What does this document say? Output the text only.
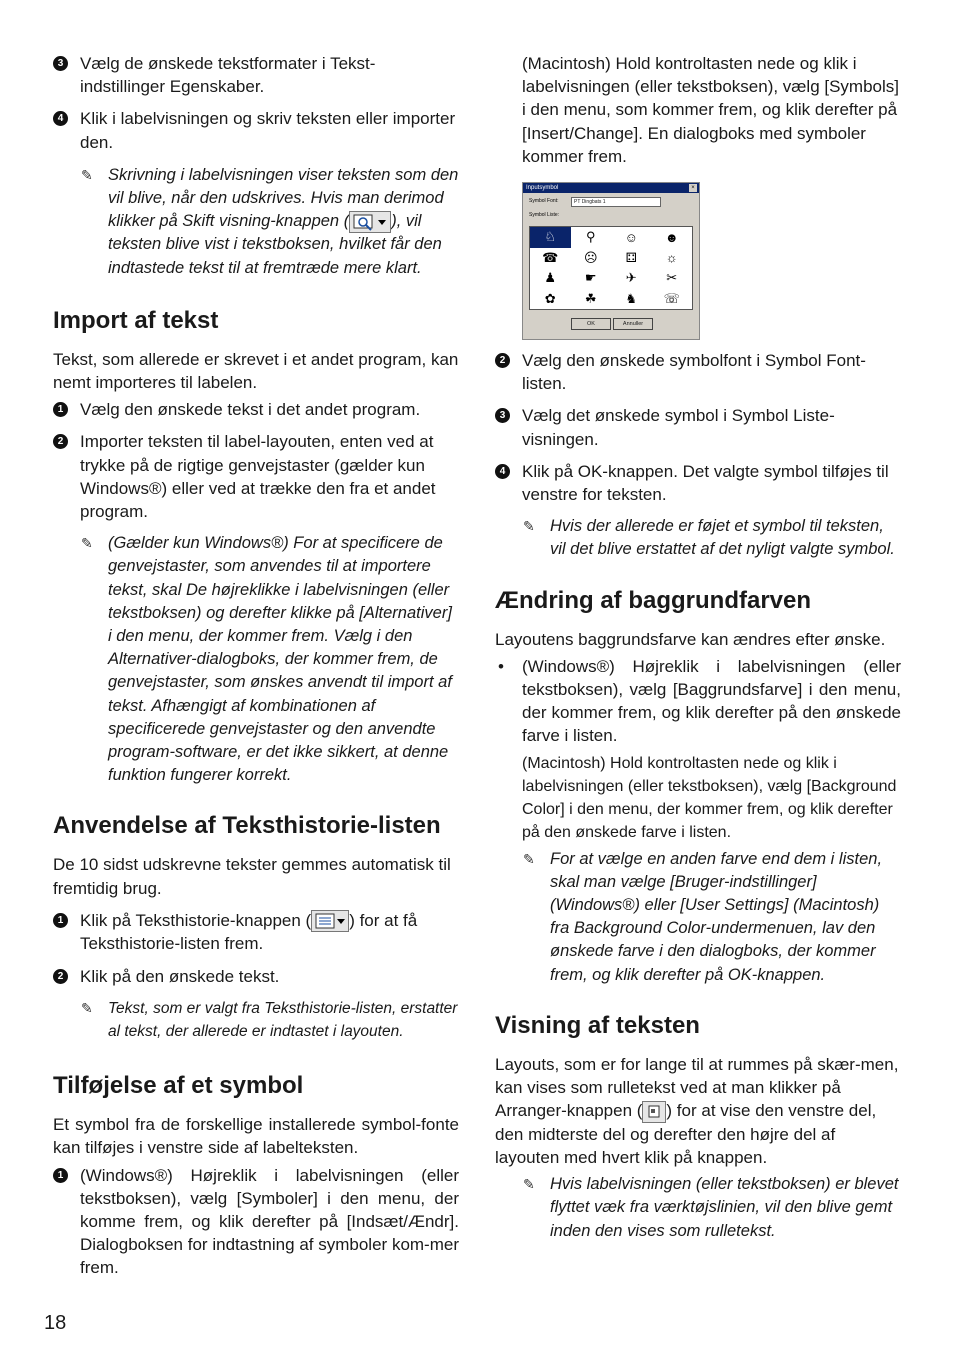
3 Vælg de ønskede tekstformater i Tekst-indstillinger Egenskaber.
4 Klik i labelvisningen og skriv teksten eller importer den.
✎ Skrivning i labelvisningen viser teksten som den vil blive, når den udskrives. Hvis man derimod klikker på Skift visning-knappen (	), vil teksten blive vist i tekstboksen, hvilket får den indtastede tekst til at fremtræde mere klart.
Import af tekst

Tekst, som allerede er skrevet i et andet program, kan nemt importeres til labelen.

1 Vælg den ønskede tekst i det andet program.
2 Importer teksten til label-layouten, enten ved at trykke på de rigtige genvejstaster (gælder kun Windows®) eller ved at trække den fra et andet program.
✎ (Gælder kun Windows®) For at specificere de genvejstaster, som anvendes til at importere tekst, skal De højreklikke i labelvisningen (eller tekstboksen) og derefter klikke på [Alternativer] i den menu, der kommer frem. Vælg i den Alternativer-dialogboks, der kommer frem, de genvejstaster, som ønskes anvendt til import af tekst. Afhængigt af kombinationen af specificerede genvejstaster og den anvendte program-software, er det ikke sikkert, at denne funktion fungerer korrekt.
Anvendelse af Teksthistorie-listen

De 10 sidst udskrevne tekster gemmes automatisk til fremtidig brug.

1 Klik på Teksthistorie-knappen ( ) for at få Teksthistorie-listen frem.
2 Klik på den ønskede tekst.
✎ Tekst, som er valgt fra Teksthistorie-listen, erstatter al tekst, der allerede er indtastet i layouten.
Tilføjelse af et symbol

Et symbol fra de forskellige installerede symbol-fonte kan tilføjes i venstre side af labelteksten.

1 (Windows®) Højreklik i labelvisningen (eller tekstboksen), vælg [Symboler] i den menu, der komme frem, og klik derefter på [Indsæt/Ændr]. Dialogboksen for indtastning af symboler kom-mer frem.

(Macintosh) Hold kontroltasten nede og klik i labelvisningen (eller tekstboksen), vælg [Symbols] i den menu, som kommer frem, og klik derefter på [Insert/Change]. En dialogboks med symboler kommer frem.

Inputsymbol	×
Symbol Font:	PT Dingbats 1
Symbol Liste:
♘	⚲	☺	☻
☎	☹	⚃	☼
♟	☛	✈	✂
✿	☘	♞	☏
OK	Annuller
2 Vælg den ønskede symbolfont i Symbol Font-listen.
3 Vælg det ønskede symbol i Symbol Liste-visningen.
4 Klik på OK-knappen. Det valgte symbol tilføjes til venstre for teksten.
✎ Hvis der allerede er føjet et symbol til teksten, vil det blive erstattet af det nyligt valgte symbol.
Ændring af baggrundfarven

Layoutens baggrundsfarve kan ændres efter ønske.

• (Windows®) Højreklik i labelvisningen (eller tekstboksen), vælg [Baggrundsfarve] i den menu, der kommer frem, og klik derefter på den ønskede farve i listen.
(Macintosh) Hold kontroltasten nede og klik i labelvisningen (eller tekstboksen), vælg [Background Color] i den menu, der kommer frem, og klik derefter på den ønskede farve i listen.
✎ For at vælge en anden farve end dem i listen, skal man vælge [Bruger-indstillinger] (Windows®) eller [User Settings] (Macintosh) fra Background Color-undermenuen, lav den ønskede farve i den dialogboks, der kommer frem, og klik derefter på OK-knappen.
Visning af teksten

Layouts, som er for lange til at rummes på skær-men, kan vises som rulletekst ved at man klikker på Arranger-knappen ( ) for at vise den venstre del, den midterste del og derefter den højre del af layouten med hvert klik på knappen.

✎ Hvis labelvisningen (eller tekstboksen) er blevet flyttet væk fra værktøjslinien, vil den blive gemt inden den vises som rulletekst.
18
